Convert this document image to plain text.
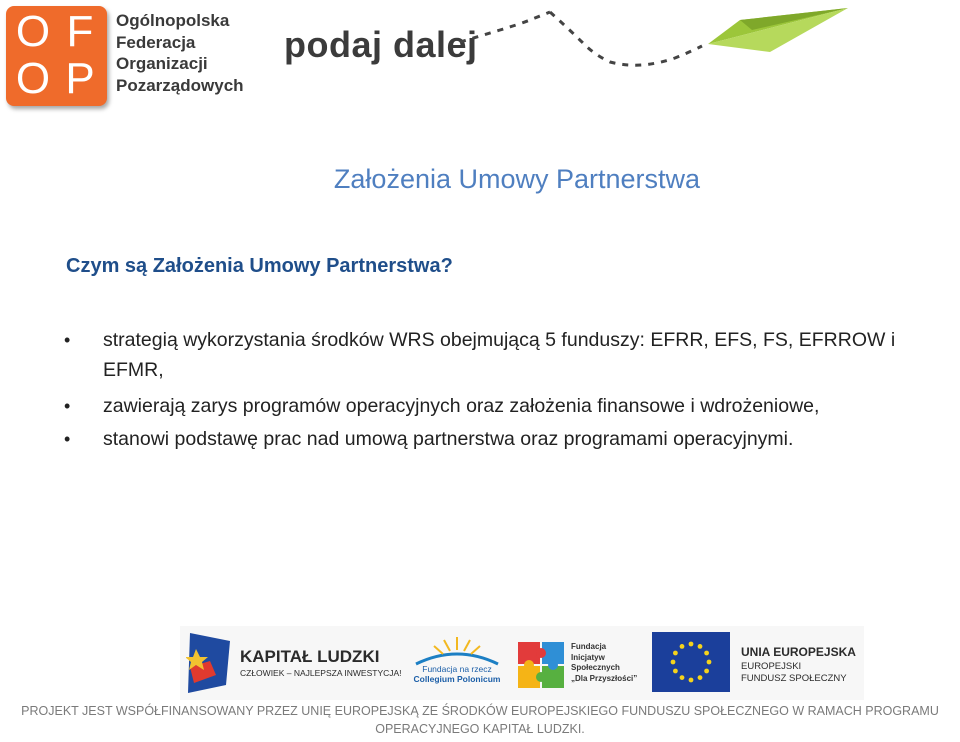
O F
O P
Ogólnopolska
Federacja
Organizacji
Pozarządowych
podaj dalej
Założenia Umowy Partnerstwa
Czym są Założenia Umowy Partnerstwa?
• strategią wykorzystania środków WRS obejmującą 5 funduszy: EFRR, EFS, FS, EFRROW i EFMR,
• zawierają zarys programów operacyjnych oraz założenia finansowe i wdrożeniowe,
• stanowi podstawę prac nad umową partnerstwa oraz programami operacyjnymi.
KAPITAŁ LUDZKI
CZŁOWIEK – NAJLEPSZA INWESTYCJA!	Fundacja na rzecz
Collegium Polonicum
Fundacja
Inicjatyw
Społecznych
„Dla Przyszłości”
UNIA EUROPEJSKA
EUROPEJSKI
FUNDUSZ SPOŁECZNY
PROJEKT JEST WSPÓŁFINANSOWANY PRZEZ UNIĘ EUROPEJSKĄ ZE ŚRODKÓW EUROPEJSKIEGO FUNDUSZU SPOŁECZNEGO W RAMACH PROGRAMU
OPERACYJNEGO KAPITAŁ LUDZKI.
